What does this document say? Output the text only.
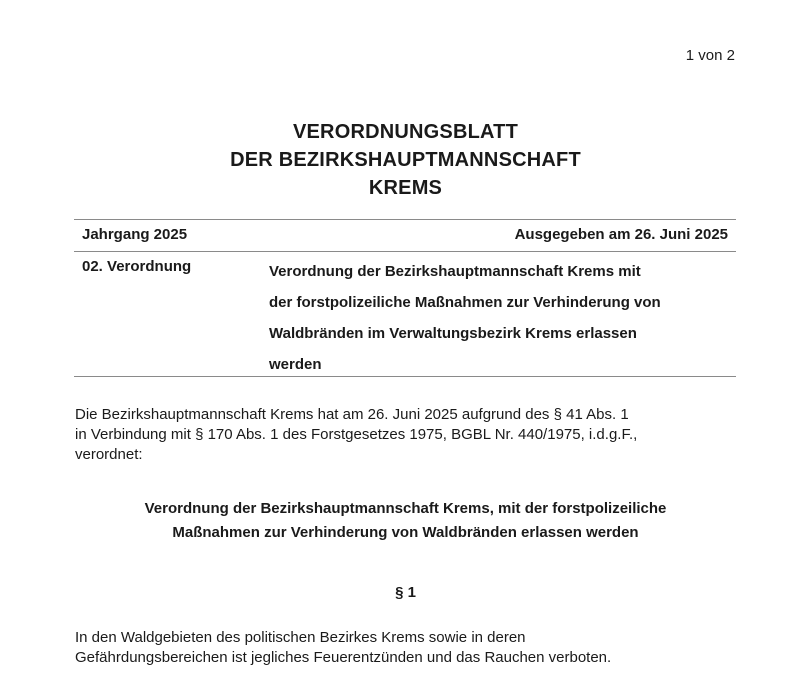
1 von 2
VERORDNUNGSBLATT
DER BEZIRKSHAUPTMANNSCHAFT
KREMS
Jahrgang 2025	Ausgegeben am 26. Juni 2025
02. Verordnung	Verordnung der Bezirkshauptmannschaft Krems mit
der forstpolizeiliche Maßnahmen zur Verhinderung von
Waldbränden im Verwaltungsbezirk Krems erlassen
werden
Die Bezirkshauptmannschaft Krems hat am 26. Juni 2025 aufgrund des § 41 Abs. 1
in Verbindung mit § 170 Abs. 1 des Forstgesetzes 1975, BGBL Nr. 440/1975, i.d.g.F.,
verordnet:
Verordnung der Bezirkshauptmannschaft Krems, mit der forstpolizeiliche
Maßnahmen zur Verhinderung von Waldbränden erlassen werden
§ 1
In den Waldgebieten des politischen Bezirkes Krems sowie in deren
Gefährdungsbereichen ist jegliches Feuerentzünden und das Rauchen verboten.
